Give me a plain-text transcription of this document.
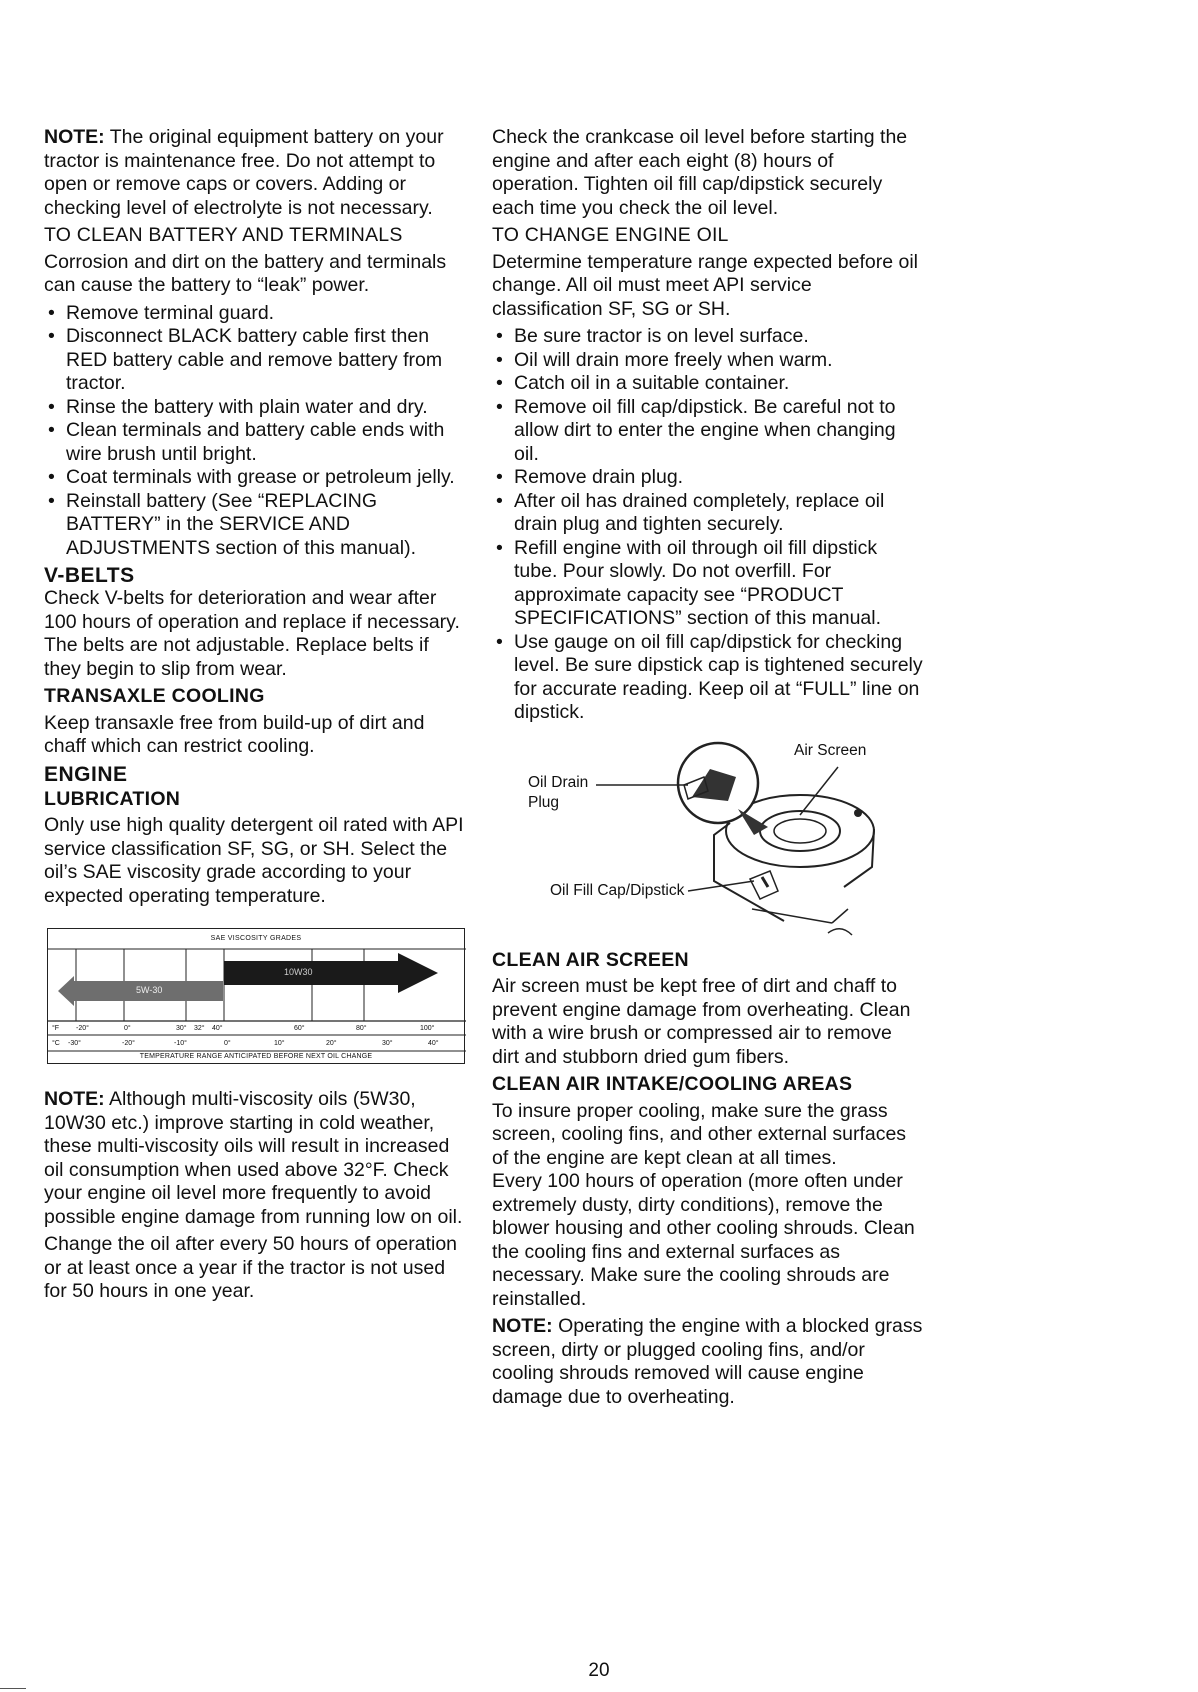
NOTE: The original equipment battery on your tractor is maintenance free. Do not attempt to open or remove caps or covers. Adding or checking level of electrolyte is not necessary.

TO CLEAN BATTERY AND TERMINALS

Corrosion and dirt on the battery and terminals can cause the battery to “leak” power.

• Remove terminal guard.
• Disconnect BLACK battery cable first then RED battery cable and remove battery from tractor.
• Rinse the battery with plain water and dry.
• Clean terminals and battery cable ends with wire brush until bright.
• Coat terminals with grease or petroleum jelly.
• Reinstall battery (See “REPLACING BATTERY” in the SERVICE AND ADJUSTMENTS section of this manual).

V-BELTS

Check V-belts for deterioration and wear after 100 hours of operation and replace if necessary. The belts are not adjustable. Replace belts if they begin to slip from wear.

TRANSAXLE COOLING

Keep transaxle free from build-up of dirt and chaff which can restrict cooling.

ENGINE

LUBRICATION

Only use high quality detergent oil rated with API service classification SF, SG, or SH. Select the oil’s SAE viscosity grade according to your expected operating temperature.

SAE VISCOSITY GRADES
5W-30
10W30
°F -20°	0°	30° 32° 40°	60°	80°	100°
°C -30°	-20°	-10°	0°	10°	20°	30°	40°
TEMPERATURE RANGE ANTICIPATED BEFORE NEXT OIL CHANGE

NOTE: Although multi-viscosity oils (5W30, 10W30 etc.) improve starting in cold weather, these multi-viscosity oils will result in increased oil consumption when used above 32°F. Check your engine oil level more frequently to avoid possible engine damage from running low on oil.

Change the oil after every 50 hours of operation or at least once a year if the tractor is not used for 50 hours in one year.

Check the crankcase oil level before starting the engine and after each eight (8) hours of operation. Tighten oil fill cap/dipstick securely each time you check the oil level.

TO CHANGE ENGINE OIL

Determine temperature range expected before oil change. All oil must meet API service classification SF, SG or SH.

• Be sure tractor is on level surface.
• Oil will drain more freely when warm.
• Catch oil in a suitable container.
• Remove oil fill cap/dipstick. Be careful not to allow dirt to enter the engine when changing oil.
• Remove drain plug.
• After oil has drained completely, replace oil drain plug and tighten securely.
• Refill engine with oil through oil fill dipstick tube. Pour slowly. Do not overfill. For approximate capacity see “PRODUCT SPECIFICATIONS” section of this manual.
• Use gauge on oil fill cap/dipstick for checking level. Be sure dipstick cap is tightened securely for accurate reading. Keep oil at “FULL” line on dipstick.
Air Screen
Oil Drain
Plug
Oil Fill Cap/Dipstick

CLEAN AIR SCREEN

Air screen must be kept free of dirt and chaff to prevent engine damage from overheating. Clean with a wire brush or compressed air to remove dirt and stubborn dried gum fibers.

CLEAN AIR INTAKE/COOLING AREAS

To insure proper cooling, make sure the grass screen, cooling fins, and other external surfaces of the engine are kept clean at all times.

Every 100 hours of operation (more often under extremely dusty, dirty conditions), remove the blower housing and other cooling shrouds. Clean the cooling fins and external surfaces as necessary. Make sure the cooling shrouds are reinstalled.

NOTE: Operating the engine with a blocked grass screen, dirty or plugged cooling fins, and/or cooling shrouds removed will cause engine damage due to overheating.

20
